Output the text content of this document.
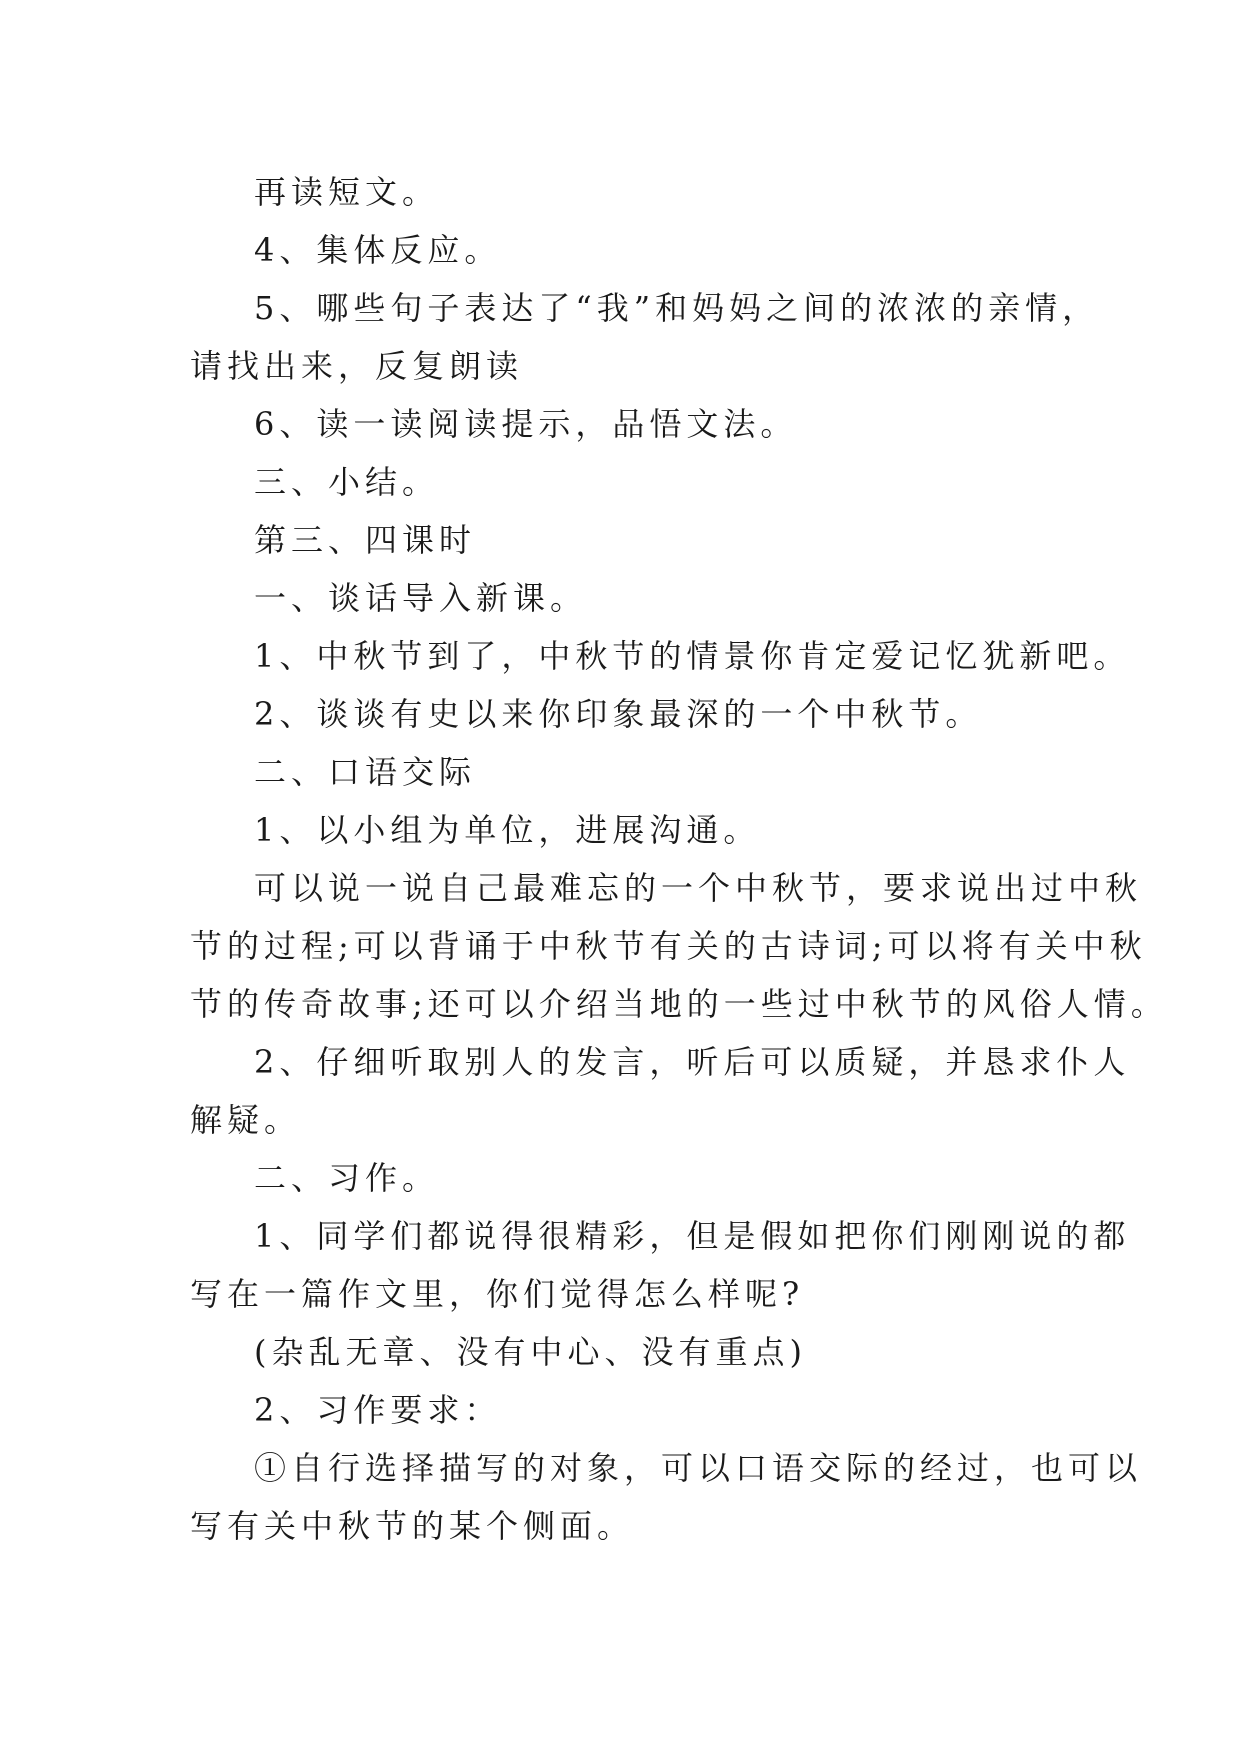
再读短文。

4、集体反应。

5、哪些句子表达了“我”和妈妈之间的浓浓的亲情，
请找出来，反复朗读

6、读一读阅读提示，品悟文法。

三、小结。

第三、四课时

一、谈话导入新课。

1、中秋节到了，中秋节的情景你肯定爱记忆犹新吧。

2、谈谈有史以来你印象最深的一个中秋节。

二、口语交际

1、以小组为单位，进展沟通。

可以说一说自己最难忘的一个中秋节，要求说出过中秋
节的过程;可以背诵于中秋节有关的古诗词;可以将有关中秋
节的传奇故事;还可以介绍当地的一些过中秋节的风俗人情。

2、仔细听取别人的发言，听后可以质疑，并恳求仆人
解疑。

二、习作。

1、同学们都说得很精彩，但是假如把你们刚刚说的都
写在一篇作文里，你们觉得怎么样呢?

(杂乱无章、没有中心、没有重点)

2、习作要求：

①自行选择描写的对象，可以口语交际的经过，也可以
写有关中秋节的某个侧面。
